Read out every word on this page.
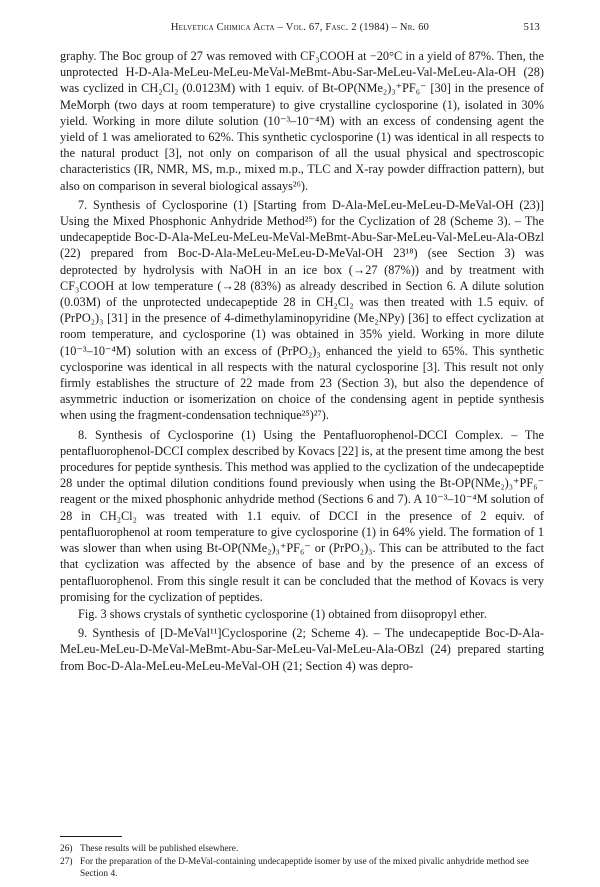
Helvetica Chimica Acta – Vol. 67, Fasc. 2 (1984) – Nr. 60	513

graphy. The Boc group of 27 was removed with CF₃COOH at −20°C in a yield of 87%. Then, the unprotected H-D-Ala-MeLeu-MeLeu-MeVal-MeBmt-Abu-Sar-MeLeu-Val-MeLeu-Ala-OH (28) was cyclized in CH₂Cl₂ (0.0123M) with 1 equiv. of Bt-OP(NMe₂)₃⁺PF₆⁻ [30] in the presence of MeMorph (two days at room temperature) to give crystalline cyclosporine (1), isolated in 30% yield. Working in more dilute solution (10⁻³–10⁻⁴M) with an excess of condensing agent the yield of 1 was ameliorated to 62%. This synthetic cyclosporine (1) was identical in all respects to the natural product [3], not only on comparison of all the usual physical and spectroscopic characteristics (IR, NMR, MS, m.p., mixed m.p., TLC and X-ray powder diffraction pattern), but also on comparison in several biological assays²⁶).

7. Synthesis of Cyclosporine (1) [Starting from D-Ala-MeLeu-MeLeu-D-MeVal-OH (23)] Using the Mixed Phosphonic Anhydride Method²⁵) for the Cyclization of 28 (Scheme 3). – The undecapeptide Boc-D-Ala-MeLeu-MeLeu-MeVal-MeBmt-Abu-Sar-MeLeu-Val-MeLeu-Ala-OBzl (22) prepared from Boc-D-Ala-MeLeu-MeLeu-D-MeVal-OH 23¹⁸) (see Section 3) was deprotected by hydrolysis with NaOH in an ice box (→27 (87%)) and by treatment with CF₃COOH at low temperature (→28 (83%) as already described in Section 6. A dilute solution (0.03M) of the unprotected undecapeptide 28 in CH₂Cl₂ was then treated with 1.5 equiv. of (PrPO₂)₃ [31] in the presence of 4-dimethylaminopyridine (Me₂NPy) [36] to effect cyclization at room temperature, and cyclosporine (1) was obtained in 35% yield. Working in more dilute (10⁻³–10⁻⁴M) solution with an excess of (PrPO₂)₃ enhanced the yield to 65%. This synthetic cyclosporine was identical in all respects with the natural cyclosporine [3]. This result not only firmly establishes the structure of 22 made from 23 (Section 3), but also the dependence of asymmetric induction or isomerization on choice of the condensing agent in peptide synthesis when using the fragment-condensation technique²⁵)²⁷).

8. Synthesis of Cyclosporine (1) Using the Pentafluorophenol-DCCI Complex. – The pentafluorophenol-DCCI complex described by Kovacs [22] is, at the present time among the best procedures for peptide synthesis. This method was applied to the cyclization of the undecapeptide 28 under the optimal dilution conditions found previously when using the Bt-OP(NMe₂)₃⁺PF₆⁻ reagent or the mixed phosphonic anhydride method (Sections 6 and 7). A 10⁻³–10⁻⁴M solution of 28 in CH₂Cl₂ was treated with 1.1 equiv. of DCCI in the presence of 2 equiv. of pentafluorophenol at room temperature to give cyclosporine (1) in 64% yield. The formation of 1 was slower than when using Bt-OP(NMe₂)₃⁺PF₆⁻ or (PrPO₂)₃. This can be attributed to the fact that cyclization was affected by the absence of base and by the presence of an excess of pentafluorophenol. From this single result it can be concluded that the method of Kovacs is very promising for the cyclization of peptides.

Fig. 3 shows crystals of synthetic cyclosporine (1) obtained from diisopropyl ether.

9. Synthesis of [D-MeVal¹¹]Cyclosporine (2; Scheme 4). – The undecapeptide Boc-D-Ala-MeLeu-MeLeu-D-MeVal-MeBmt-Abu-Sar-MeLeu-Val-MeLeu-Ala-OBzl (24) prepared starting from Boc-D-Ala-MeLeu-MeLeu-MeVal-OH (21; Section 4) was depro-

26) These results will be published elsewhere.
27) For the preparation of the D-MeVal-containing undecapeptide isomer by use of the mixed pivalic anhydride method see Section 4.
